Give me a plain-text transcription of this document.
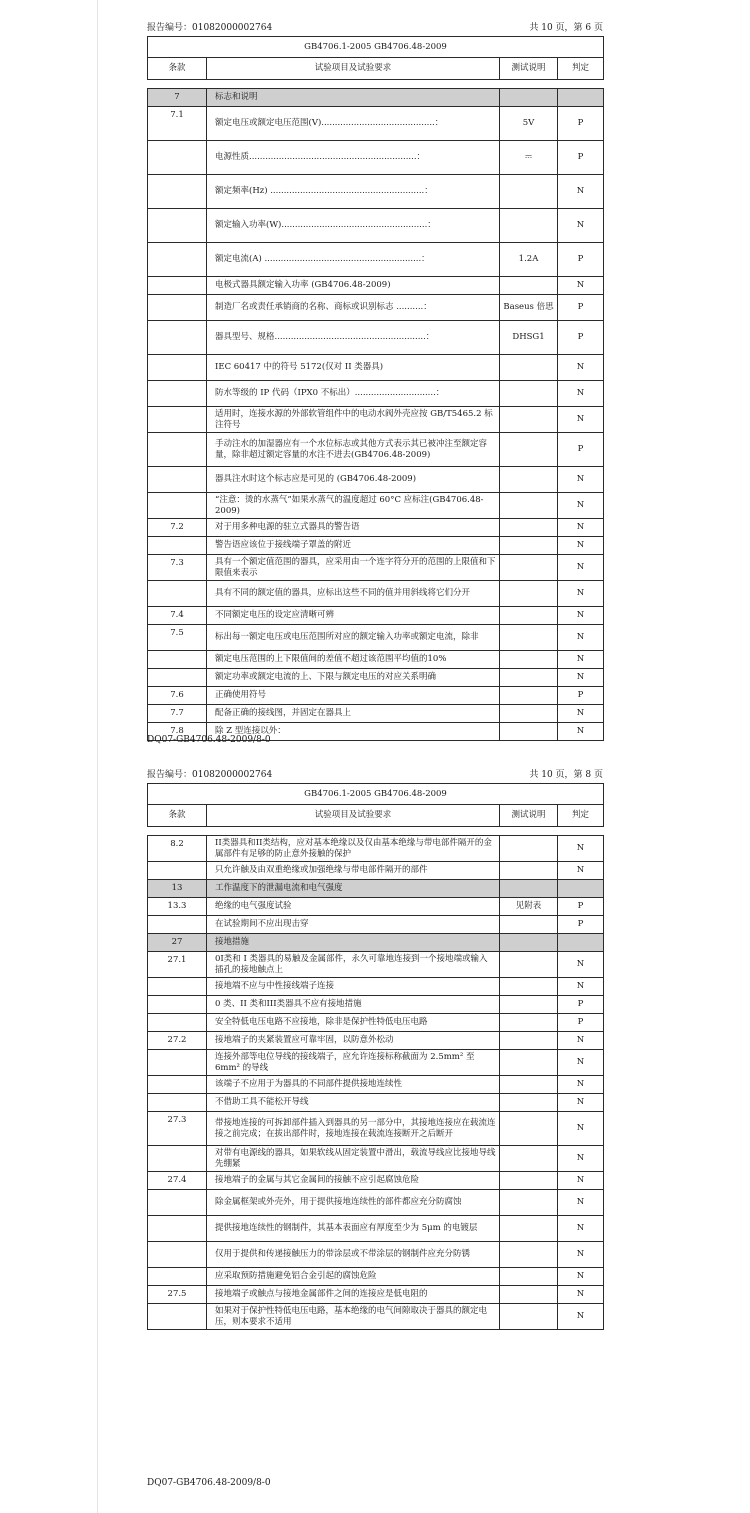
报告编号：01082000002764	共 10 页，第 6 页
GB4706.1-2005 GB4706.48-2009			
条款	试验项目及试验要求	测试说明	判定

7	标志和说明		
7.1	额定电压或额定电压范围(V)..........................................：	5V	P
	电源性质..............................................................：	⎓	P
	额定频率(Hz) .........................................................：		N
	额定输入功率(W)......................................................：		N
	额定电流(A) ..........................................................：	1.2A	P
	电极式器具额定输入功率 (GB4706.48-2009)		N
	制造厂名或责任承销商的名称、商标或识别标志 ..........：	Baseus 倍思	P
	器具型号、规格........................................................：	DHSG1	P
	IEC 60417 中的符号 5172(仅对 II 类器具)		N
	防水等级的 IP 代码（IPX0 不标出）..............................：		N
	适用时，连接水源的外部软管组件中的电动水阀外壳应按 GB/T5465.2 标注符号		N
	手动注水的加湿器应有一个水位标志或其他方式表示其已被冲注至额定容量，除非超过额定容量的水注不进去(GB4706.48-2009)		P
	器具注水时这个标志应是可见的 (GB4706.48-2009)		N
	“注意：烫的水蒸气”如果水蒸气的温度超过 60°C 应标注(GB4706.48-2009)		N
7.2	对于用多种电源的驻立式器具的警告语		N
	警告语应该位于接线端子罩盖的附近		N
7.3	具有一个额定值范围的器具，应采用由一个连字符分开的范围的上限值和下限值来表示		N
	具有不同的额定值的器具，应标出这些不同的值并用斜线将它们分开		N
7.4	不同额定电压的设定应清晰可辨		N
7.5	标出每一额定电压或电压范围所对应的额定输入功率或额定电流，除非		N
	额定电压范围的上下限值间的差值不超过该范围平均值的10%		N
	额定功率或额定电流的上、下限与额定电压的对应关系明确		N
7.6	正确使用符号		P
7.7	配备正确的接线图，并固定在器具上		N
7.8	除 Z 型连接以外：		N
DQ07-GB4706.48-2009/8-0
报告编号：01082000002764	共 10 页，第 8 页
GB4706.1-2005 GB4706.48-2009			
条款	试验项目及试验要求	测试说明	判定

8.2	II类器具和II类结构，应对基本绝缘以及仅由基本绝缘与带电部件隔开的金属部件有足够的防止意外接触的保护		N
	只允许触及由双重绝缘或加强绝缘与带电部件隔开的部件		N
13	工作温度下的泄漏电流和电气强度		
13.3	绝缘的电气强度试验	见附表	P
	在试验期间不应出现击穿		P
27	接地措施		
27.1	0I类和 I 类器具的易触及金属部件，永久可靠地连接到一个接地端或输入插孔的接地触点上		N
	接地端不应与中性接线端子连接		N
	0 类、II 类和III类器具不应有接地措施		P
	安全特低电压电路不应接地，除非是保护性特低电压电路		P
27.2	接地端子的夹紧装置应可靠牢固，以防意外松动		N
	连接外部等电位导线的接线端子，应允许连接标称截面为 2.5mm² 至 6mm² 的导线		N
	该端子不应用于为器具的不同部件提供接地连续性		N
	不借助工具不能松开导线		N
27.3	带接地连接的可拆卸部件插入到器具的另一部分中，其接地连接应在载流连接之前完成；在拔出部件时，接地连接在载流连接断开之后断开		N
	对带有电源线的器具，如果软线从固定装置中滑出，载流导线应比接地导线先绷紧		N
27.4	接地端子的金属与其它金属间的接触不应引起腐蚀危险		N
	除金属框架或外壳外，用于提供接地连续性的部件都应充分防腐蚀		N
	提供接地连续性的钢制件，其基本表面应有厚度至少为 5μm 的电镀层		N
	仅用于提供和传递接触压力的带涂层或不带涂层的钢制件应充分防锈		N
	应采取预防措施避免铝合金引起的腐蚀危险		N
27.5	接地端子或触点与接地金属部件之间的连接应是低电阻的		N
	如果对于保护性特低电压电路，基本绝缘的电气间隙取决于器具的额定电压，则本要求不适用		N
DQ07-GB4706.48-2009/8-0
